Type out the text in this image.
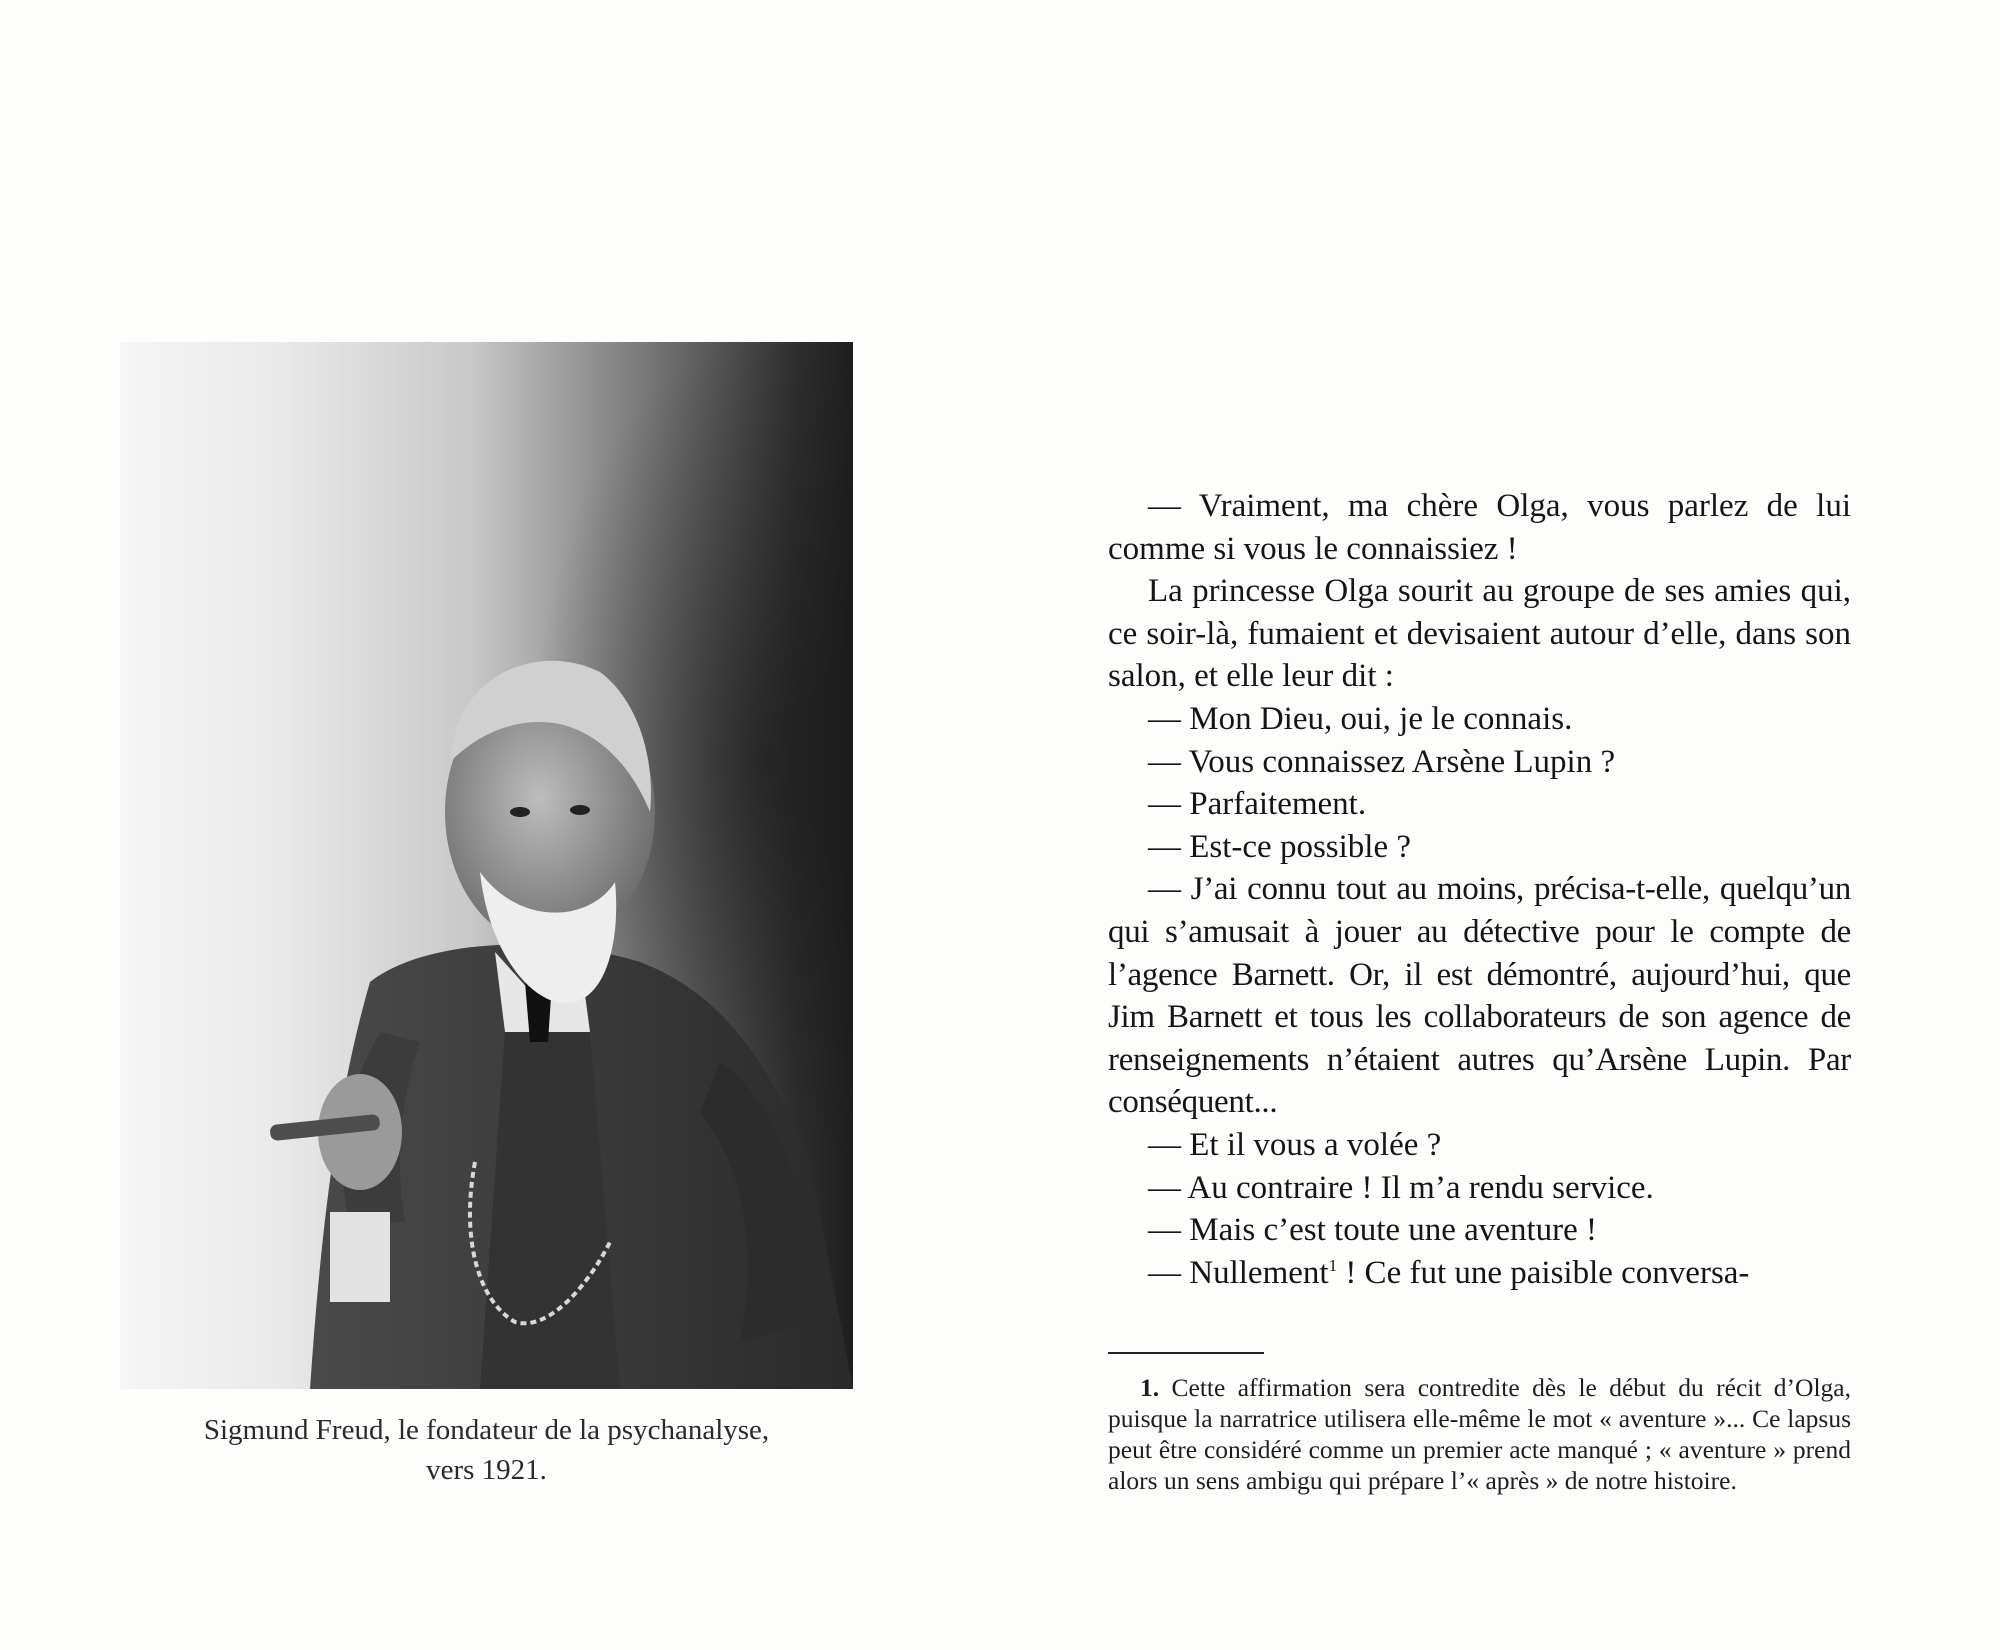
Sigmund Freud, le fondateur de la psychanalyse,
vers 1921.

— Vraiment, ma chère Olga, vous parlez de lui comme si vous le connaissiez !

La princesse Olga sourit au groupe de ses amies qui, ce soir-là, fumaient et devisaient autour d’elle, dans son salon, et elle leur dit :

— Mon Dieu, oui, je le connais.

— Vous connaissez Arsène Lupin ?

— Parfaitement.

— Est-ce possible ?

— J’ai connu tout au moins, précisa-t-elle, quelqu’un qui s’amusait à jouer au détective pour le compte de l’agence Barnett. Or, il est démontré, aujourd’hui, que Jim Barnett et tous les collaborateurs de son agence de renseignements n’étaient autres qu’Arsène Lupin. Par conséquent...

— Et il vous a volée ?

— Au contraire ! Il m’a rendu service.

— Mais c’est toute une aventure !

— Nullement$^1$ ! Ce fut une paisible conversa-

1. Cette affirmation sera contredite dès le début du récit d’Olga, puisque la narratrice utilisera elle-même le mot « aventure »... Ce lapsus peut être considéré comme un premier acte manqué ; « aventure » prend alors un sens ambigu qui prépare l’« après » de notre histoire.
